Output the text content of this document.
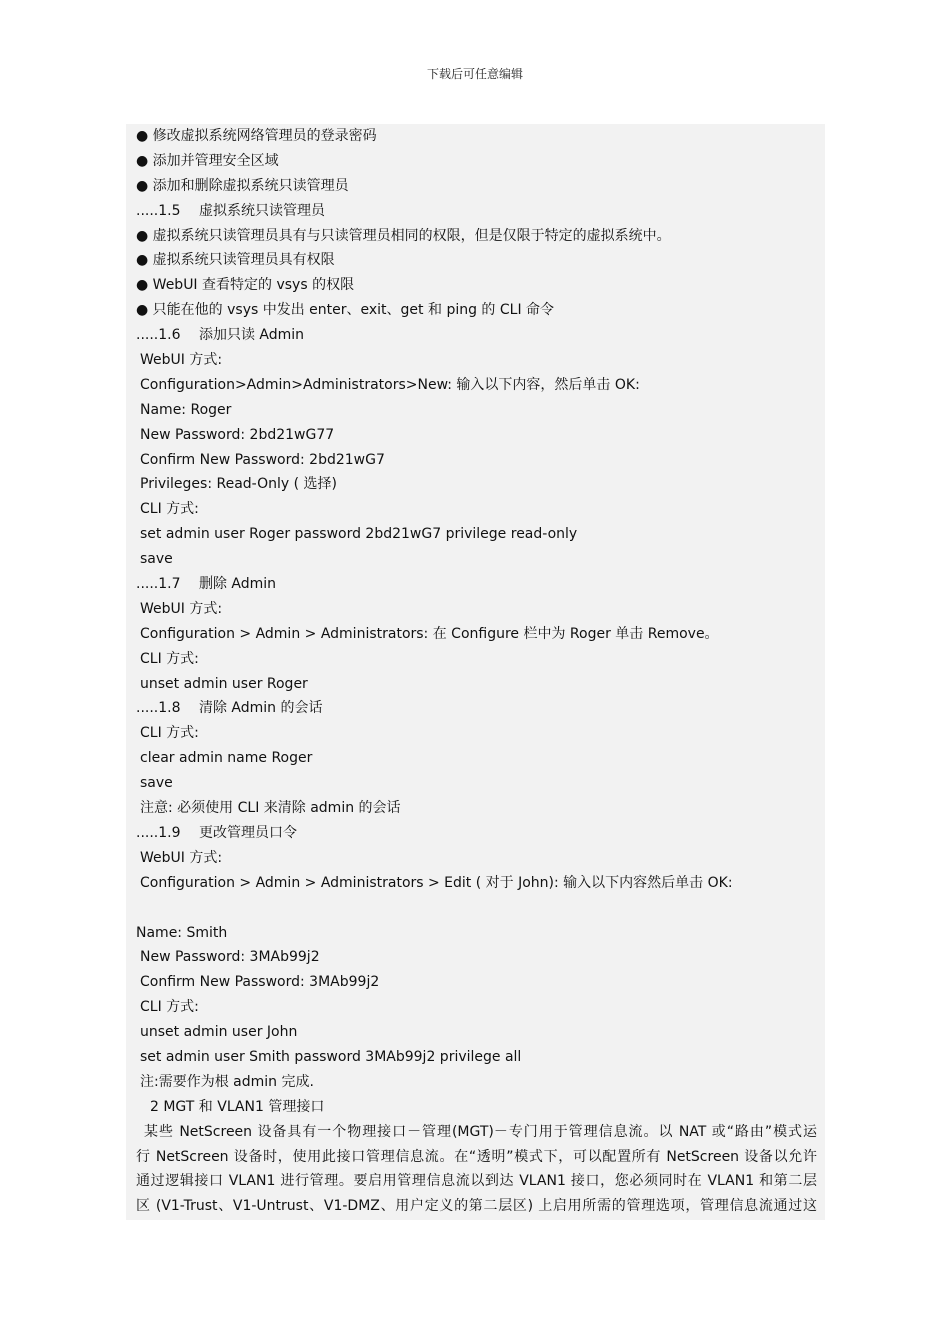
下载后可任意编辑
● 修改虚拟系统网络管理员的登录密码
● 添加并管理安全区域
● 添加和删除虚拟系统只读管理员
.....1.5　 虚拟系统只读管理员
● 虚拟系统只读管理员具有与只读管理员相同的权限，但是仅限于特定的虚拟系统中。
● 虚拟系统只读管理员具有权限
● WebUI 查看特定的 vsys 的权限
● 只能在他的 vsys 中发出 enter、exit、get 和 ping 的 CLI 命令
.....1.6　 添加只读 Admin
WebUI 方式:
Configuration>Admin>Administrators>New: 输入以下内容，然后单击 OK:
Name: Roger
New Password: 2bd21wG77
Confirm New Password: 2bd21wG7
Privileges: Read-Only ( 选择)
CLI 方式:
set admin user Roger password 2bd21wG7 privilege read-only
save
.....1.7　 删除 Admin
WebUI 方式:
Configuration > Admin > Administrators: 在 Configure 栏中为 Roger 单击 Remove。
CLI 方式:
unset admin user Roger
.....1.8　 清除 Admin 的会话
CLI 方式:
clear admin name Roger
save
注意: 必须使用 CLI 来清除 admin 的会话
.....1.9　 更改管理员口令
WebUI 方式:
Configuration > Admin > Administrators > Edit ( 对于 John): 输入以下内容然后单击 OK:
Name: Smith
New Password: 3MAb99j2
Confirm New Password: 3MAb99j2
CLI 方式:
unset admin user John
set admin user Smith password 3MAb99j2 privilege all
注:需要作为根 admin 完成.
2 MGT 和 VLAN1 管理接口
某些 NetScreen 设备具有一个物理接口－管理(MGT)－专门用于管理信息流。以 NAT 或“路由”模式运
行 NetScreen 设备时，使用此接口管理信息流。在“透明”模式下，可以配置所有 NetScreen 设备以允许
通过逻辑接口 VLAN1 进行管理。要启用管理信息流以到达 VLAN1 接口，您必须同时在 VLAN1 和第二层
区 (V1-Trust、V1-Untrust、V1-DMZ、用户定义的第二层区) 上启用所需的管理选项，管理信息流通过这
